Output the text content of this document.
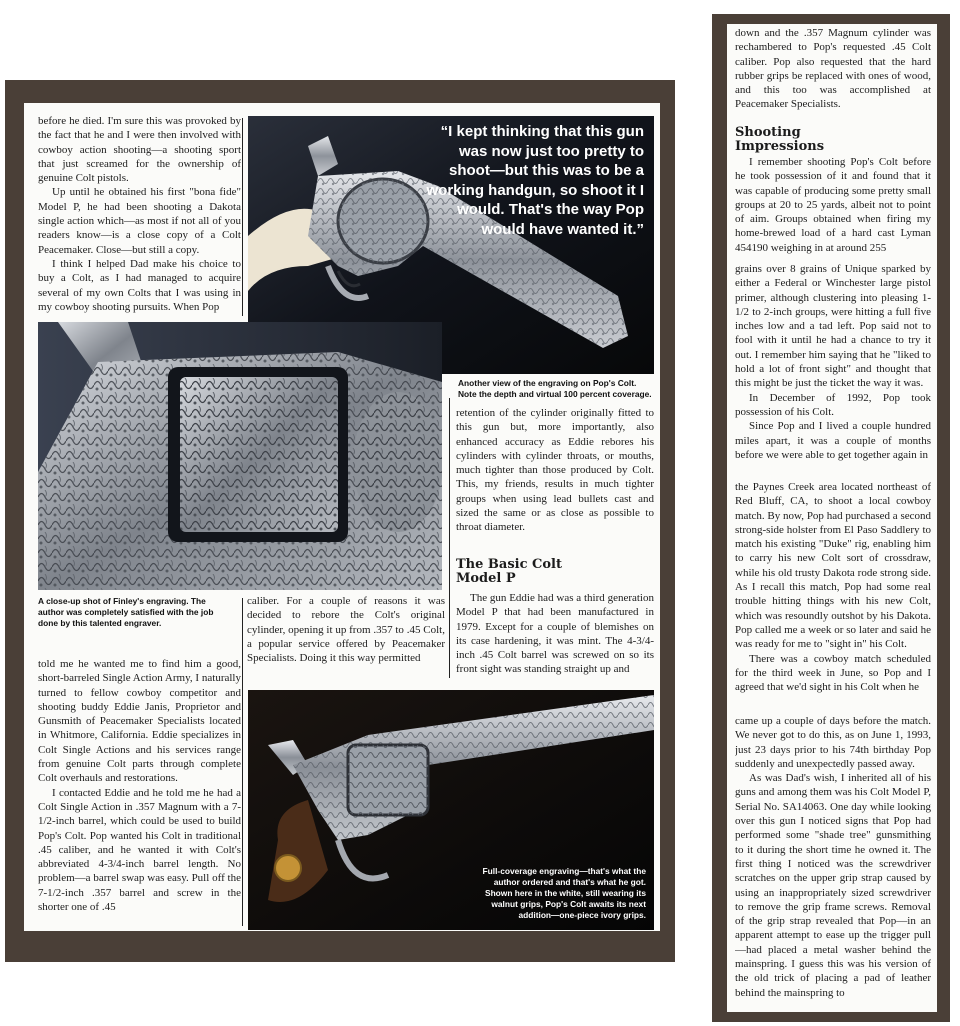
before he died. I'm sure this was provoked by the fact that he and I were then involved with cowboy action shooting—a shooting sport that just screamed for the ownership of genuine Colt pistols.

Up until he obtained his first "bona fide" Model P, he had been shooting a Dakota single action which—as most if not all of you readers know—is a close copy of a Colt Peacemaker. Close—but still a copy.

I think I helped Dad make his choice to buy a Colt, as I had managed to acquire several of my own Colts that I was using in my cowboy shooting pursuits. When Pop

“I kept thinking that this gun was now just too pretty to shoot—but this was to be a working handgun, so shoot it I would. That's the way Pop would have wanted it.”
A close-up shot of Finley's engraving. The author was completely satisfied with the job done by this talented engraver.
Another view of the engraving on Pop's Colt. Note the depth and virtual 100 percent coverage.

retention of the cylinder originally fitted to this gun but, more importantly, also enhanced accuracy as Eddie rebores his cylinders with cylinder throats, or mouths, much tighter than those produced by Colt. This, my friends, results in much tighter groups when using lead bullets cast and sized the same or as close as possible to throat diameter.

The Basic Colt Model P

The gun Eddie had was a third generation Model P that had been manufactured in 1979. Except for a couple of blemishes on its case hardening, it was mint. The 4-3/4-inch .45 Colt barrel was screwed on so its front sight was standing straight up and

caliber. For a couple of reasons it was decided to rebore the Colt's original cylinder, opening it up from .357 to .45 Colt, a popular service offered by Peacemaker Specialists. Doing it this way permitted

told me he wanted me to find him a good, short-barreled Single Action Army, I naturally turned to fellow cowboy competitor and shooting buddy Eddie Janis, Proprietor and Gunsmith of Peacemaker Specialists located in Whitmore, California. Eddie specializes in Colt Single Actions and his services range from genuine Colt parts through complete Colt overhauls and restorations.

I contacted Eddie and he told me he had a Colt Single Action in .357 Magnum with a 7-1/2-inch barrel, which could be used to build Pop's Colt. Pop wanted his Colt in traditional .45 caliber, and he wanted it with Colt's abbreviated 4-3/4-inch barrel length. No problem—a barrel swap was easy. Pull off the 7-1/2-inch .357 barrel and screw in the shorter one of .45

Full-coverage engraving—that's what the author ordered and that's what he got. Shown here in the white, still wearing its walnut grips, Pop's Colt awaits its next addition—one-piece ivory grips.

down and the .357 Magnum cylinder was rechambered to Pop's requested .45 Colt caliber. Pop also requested that the hard rubber grips be replaced with ones of wood, and this too was accomplished at Peacemaker Specialists.

Shooting Impressions

I remember shooting Pop's Colt before he took possession of it and found that it was capable of producing some pretty small groups at 20 to 25 yards, albeit not to point of aim. Groups obtained when firing my home-brewed load of a hard cast Lyman 454190 weighing in at around 255

grains over 8 grains of Unique sparked by either a Federal or Winchester large pistol primer, although clustering into pleasing 1-1/2 to 2-inch groups, were hitting a full five inches low and a tad left. Pop said not to fool with it until he had a chance to try it out. I remember him saying that he "liked to hold a lot of front sight" and thought that this might be just the ticket the way it was.

In December of 1992, Pop took possession of his Colt.

Since Pop and I lived a couple hundred miles apart, it was a couple of months before we were able to get together again in

the Paynes Creek area located northeast of Red Bluff, CA, to shoot a local cowboy match. By now, Pop had purchased a second strong-side holster from El Paso Saddlery to match his existing "Duke" rig, enabling him to carry his new Colt sort of crossdraw, while his old trusty Dakota rode strong side. As I recall this match, Pop had some real trouble hitting things with his new Colt, which was resoundly outshot by his Dakota. Pop called me a week or so later and said he was ready for me to "sight in" his Colt.

There was a cowboy match scheduled for the third week in June, so Pop and I agreed that we'd sight in his Colt when he

came up a couple of days before the match. We never got to do this, as on June 1, 1993, just 23 days prior to his 74th birthday Pop suddenly and unexpectedly passed away.

As was Dad's wish, I inherited all of his guns and among them was his Colt Model P, Serial No. SA14063. One day while looking over this gun I noticed signs that Pop had performed some "shade tree" gunsmithing to it during the short time he owned it. The first thing I noticed was the screwdriver scratches on the upper grip strap caused by using an inappropriately sized screwdriver to remove the grip frame screws. Removal of the grip strap revealed that Pop—in an apparent attempt to ease up the trigger pull—had placed a metal washer behind the mainspring. I guess this was his version of the old trick of placing a pad of leather behind the mainspring to
